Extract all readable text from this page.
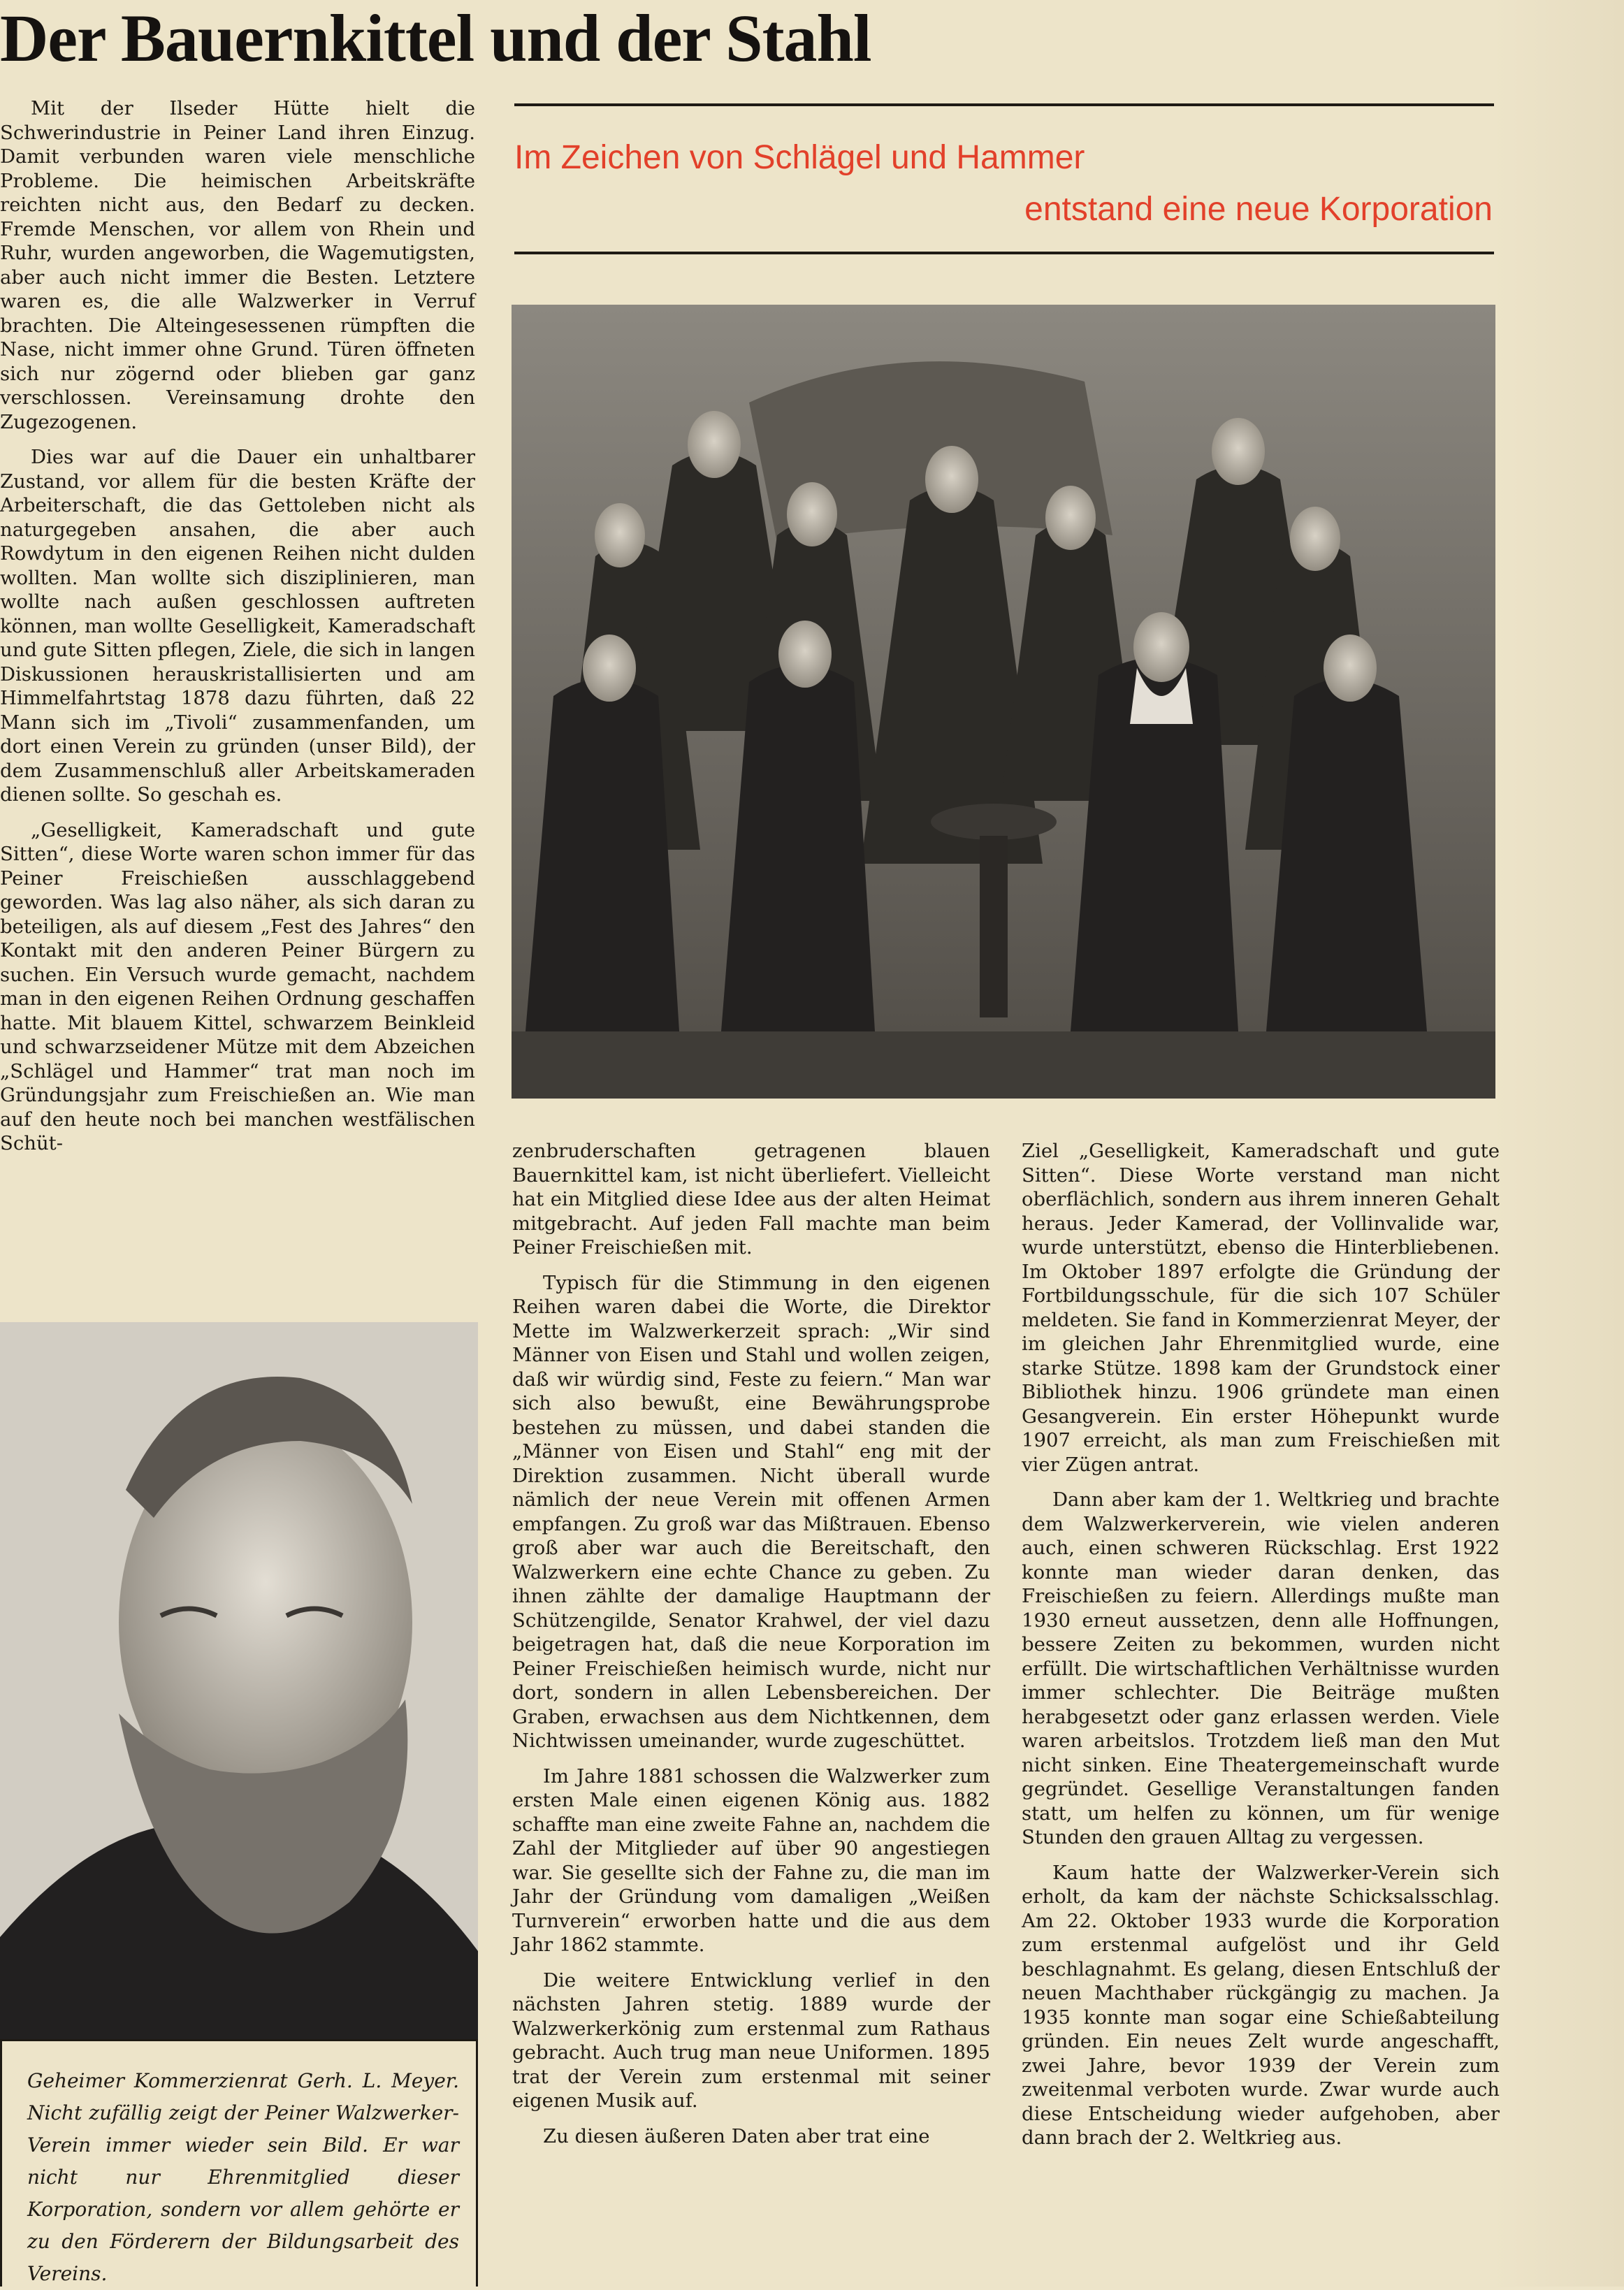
Der Bauernkittel und der Stahl
Im Zeichen von Schlägel und Hammer
entstand eine neue Korporation

Mit der Ilseder Hütte hielt die Schwerindustrie in Peiner Land ihren Einzug. Damit verbunden waren viele menschliche Probleme. Die heimischen Arbeitskräfte reichten nicht aus, den Bedarf zu decken. Fremde Menschen, vor allem von Rhein und Ruhr, wurden angeworben, die Wagemutigsten, aber auch nicht immer die Besten. Letztere waren es, die alle Walzwerker in Verruf brachten. Die Alteingesessenen rümpften die Nase, nicht immer ohne Grund. Türen öffneten sich nur zögernd oder blieben gar ganz verschlossen. Vereinsamung drohte den Zugezogenen.

Dies war auf die Dauer ein unhaltbarer Zustand, vor allem für die besten Kräfte der Arbeiterschaft, die das Gettoleben nicht als naturgegeben ansahen, die aber auch Rowdytum in den eigenen Reihen nicht dulden wollten. Man wollte sich disziplinieren, man wollte nach außen geschlossen auftreten können, man wollte Geselligkeit, Kameradschaft und gute Sitten pflegen, Ziele, die sich in langen Diskussionen herauskristallisierten und am Himmelfahrtstag 1878 dazu führten, daß 22 Mann sich im „Tivoli“ zusammenfanden, um dort einen Verein zu gründen (unser Bild), der dem Zusammenschluß aller Arbeitskameraden dienen sollte. So geschah es.

„Geselligkeit, Kameradschaft und gute Sitten“, diese Worte waren schon immer für das Peiner Freischießen ausschlaggebend geworden. Was lag also näher, als sich daran zu beteiligen, als auf diesem „Fest des Jahres“ den Kontakt mit den anderen Peiner Bürgern zu suchen. Ein Versuch wurde gemacht, nachdem man in den eigenen Reihen Ordnung geschaffen hatte. Mit blauem Kittel, schwarzem Beinkleid und schwarzseidener Mütze mit dem Abzeichen „Schlägel und Hammer“ trat man noch im Gründungsjahr zum Freischießen an. Wie man auf den heute noch bei manchen westfälischen Schüt-

Geheimer Kommerzienrat Gerh. L. Meyer. Nicht zufällig zeigt der Peiner Walzwerker-Verein immer wieder sein Bild. Er war nicht nur Ehrenmitglied dieser Korporation, sondern vor allem gehörte er zu den Förderern der Bildungsarbeit des Vereins.

zenbruderschaften getragenen blauen Bauernkittel kam, ist nicht überliefert. Vielleicht hat ein Mitglied diese Idee aus der alten Heimat mitgebracht. Auf jeden Fall machte man beim Peiner Freischießen mit.

Typisch für die Stimmung in den eigenen Reihen waren dabei die Worte, die Direktor Mette im Walzwerkerzeit sprach: „Wir sind Männer von Eisen und Stahl und wollen zeigen, daß wir würdig sind, Feste zu feiern.“ Man war sich also bewußt, eine Bewährungsprobe bestehen zu müssen, und dabei standen die „Männer von Eisen und Stahl“ eng mit der Direktion zusammen. Nicht überall wurde nämlich der neue Verein mit offenen Armen empfangen. Zu groß war das Mißtrauen. Ebenso groß aber war auch die Bereitschaft, den Walzwerkern eine echte Chance zu geben. Zu ihnen zählte der damalige Hauptmann der Schützengilde, Senator Krahwel, der viel dazu beigetragen hat, daß die neue Korporation im Peiner Freischießen heimisch wurde, nicht nur dort, sondern in allen Lebensbereichen. Der Graben, erwachsen aus dem Nichtkennen, dem Nichtwissen umeinander, wurde zugeschüttet.

Im Jahre 1881 schossen die Walzwerker zum ersten Male einen eigenen König aus. 1882 schaffte man eine zweite Fahne an, nachdem die Zahl der Mitglieder auf über 90 angestiegen war. Sie gesellte sich der Fahne zu, die man im Jahr der Gründung vom damaligen „Weißen Turnverein“ erworben hatte und die aus dem Jahr 1862 stammte.

Die weitere Entwicklung verlief in den nächsten Jahren stetig. 1889 wurde der Walzwerkerkönig zum erstenmal zum Rathaus gebracht. Auch trug man neue Uniformen. 1895 trat der Verein zum erstenmal mit seiner eigenen Musik auf.

Zu diesen äußeren Daten aber trat eine

Ziel „Geselligkeit, Kameradschaft und gute Sitten“. Diese Worte verstand man nicht oberflächlich, sondern aus ihrem inneren Gehalt heraus. Jeder Kamerad, der Vollinvalide war, wurde unterstützt, ebenso die Hinterbliebenen. Im Oktober 1897 erfolgte die Gründung der Fortbildungsschule, für die sich 107 Schüler meldeten. Sie fand in Kommerzienrat Meyer, der im gleichen Jahr Ehrenmitglied wurde, eine starke Stütze. 1898 kam der Grundstock einer Bibliothek hinzu. 1906 gründete man einen Gesangverein. Ein erster Höhepunkt wurde 1907 erreicht, als man zum Freischießen mit vier Zügen antrat.

Dann aber kam der 1. Weltkrieg und brachte dem Walzwerkerverein, wie vielen anderen auch, einen schweren Rückschlag. Erst 1922 konnte man wieder daran denken, das Freischießen zu feiern. Allerdings mußte man 1930 erneut aussetzen, denn alle Hoffnungen, bessere Zeiten zu bekommen, wurden nicht erfüllt. Die wirtschaftlichen Verhältnisse wurden immer schlechter. Die Beiträge mußten herabgesetzt oder ganz erlassen werden. Viele waren arbeitslos. Trotzdem ließ man den Mut nicht sinken. Eine Theatergemeinschaft wurde gegründet. Gesellige Veranstaltungen fanden statt, um helfen zu können, um für wenige Stunden den grauen Alltag zu vergessen.

Kaum hatte der Walzwerker-Verein sich erholt, da kam der nächste Schicksalsschlag. Am 22. Oktober 1933 wurde die Korporation zum erstenmal aufgelöst und ihr Geld beschlagnahmt. Es gelang, diesen Entschluß der neuen Machthaber rückgängig zu machen. Ja 1935 konnte man sogar eine Schießabteilung gründen. Ein neues Zelt wurde angeschafft, zwei Jahre, bevor 1939 der Verein zum zweitenmal verboten wurde. Zwar wurde auch diese Entscheidung wieder aufgehoben, aber dann brach der 2. Weltkrieg aus.
